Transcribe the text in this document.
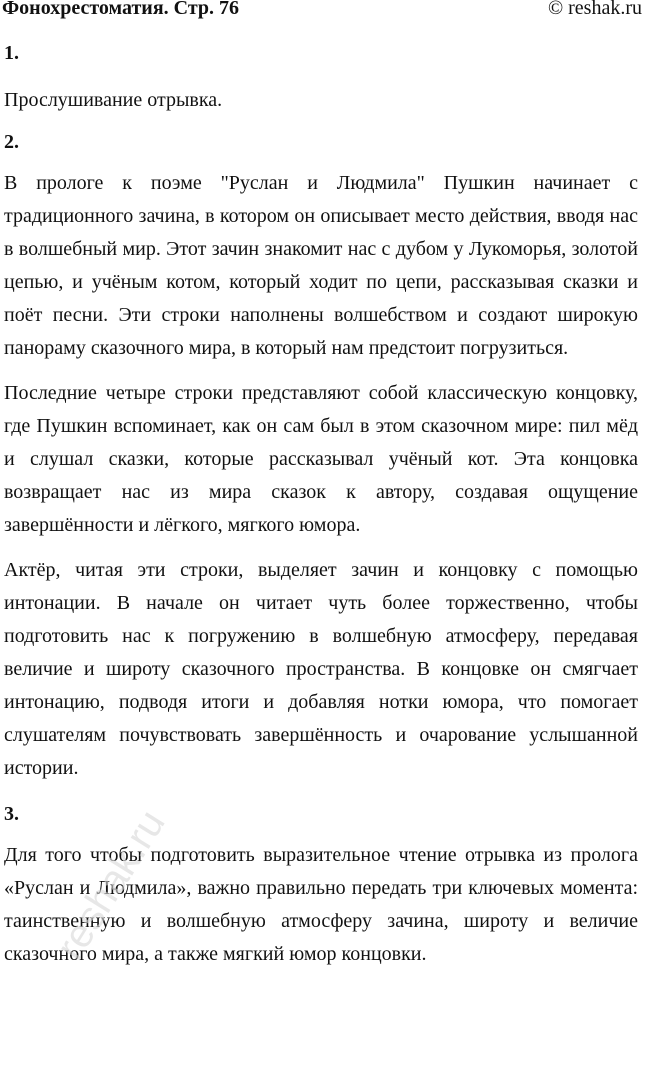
Фонохрестоматия. Стр. 76	© reshak.ru
1.

Прослушивание отрывка.

2.

В прологе к поэме "Руслан и Людмила" Пушкин начинает с традиционного зачина, в котором он описывает место действия, вводя нас в волшебный мир. Этот зачин знакомит нас с дубом у Лукоморья, золотой цепью, и учёным котом, который ходит по цепи, рассказывая сказки и поёт песни. Эти строки наполнены волшебством и создают широкую панораму сказочного мира, в который нам предстоит погрузиться.

Последние четыре строки представляют собой классическую концовку, где Пушкин вспоминает, как он сам был в этом сказочном мире: пил мёд и слушал сказки, которые рассказывал учёный кот. Эта концовка возвращает нас из мира сказок к автору, создавая ощущение завершённости и лёгкого, мягкого юмора.

Актёр, читая эти строки, выделяет зачин и концовку с помощью интонации. В начале он читает чуть более торжественно, чтобы подготовить нас к погружению в волшебную атмосферу, передавая величие и широту сказочного пространства. В концовке он смягчает интонацию, подводя итоги и добавляя нотки юмора, что помогает слушателям почувствовать завершённость и очарование услышанной истории.

3.

Для того чтобы подготовить выразительное чтение отрывка из пролога «Руслан и Людмила», важно правильно передать три ключевых момента: таинственную и волшебную атмосферу зачина, широту и величие сказочного мира, а также мягкий юмор концовки.

reshak.ru
